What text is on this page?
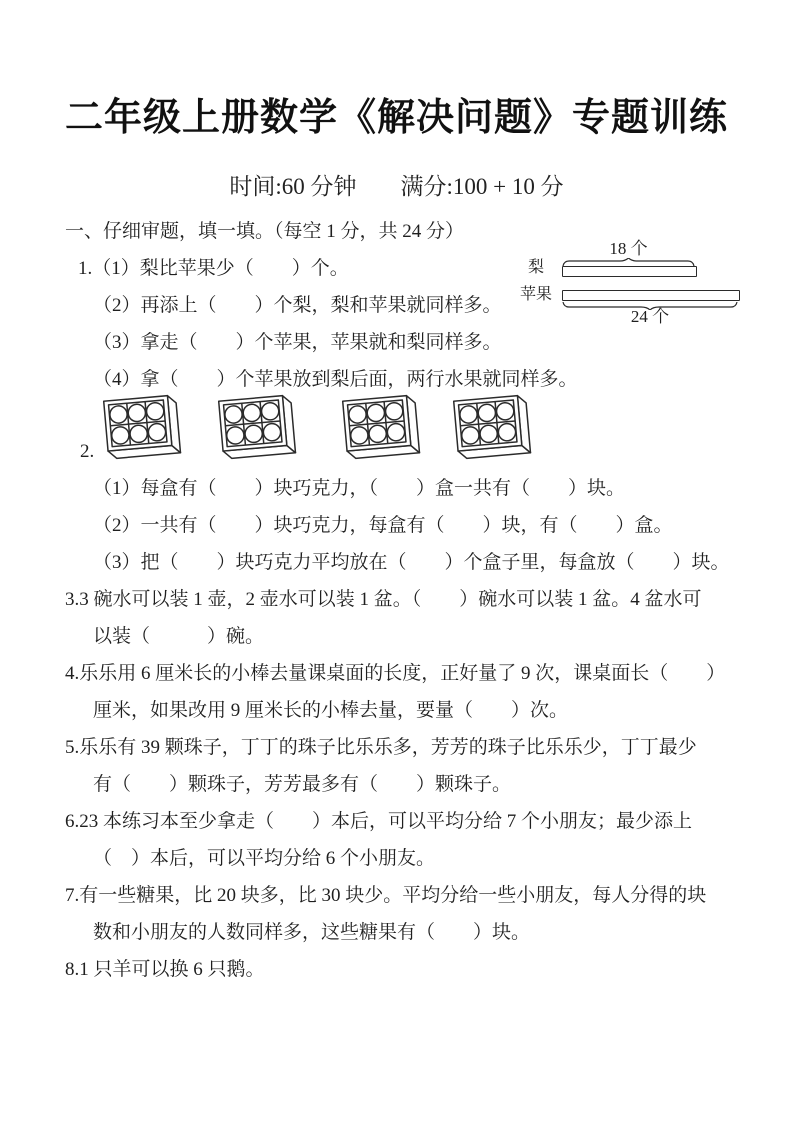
二年级上册数学《解决问题》专题训练
时间:60 分钟 满分:100 + 10 分
18 个
梨
苹果
24 个

一、仔细审题，填一填。（每空 1 分，共 24 分）

1.（1）梨比苹果少（　　）个。

（2）再添上（　　）个梨，梨和苹果就同样多。

（3）拿走（　　）个苹果，苹果就和梨同样多。

（4）拿（　　）个苹果放到梨后面，两行水果就同样多。

2.

（1）每盒有（　　）块巧克力，（　　）盒一共有（　　）块。

（2）一共有（　　）块巧克力，每盒有（　　）块，有（　　）盒。

（3）把（　　）块巧克力平均放在（　　）个盒子里，每盒放（　　）块。

3.3 碗水可以装 1 壶，2 壶水可以装 1 盆。（　　）碗水可以装 1 盆。4 盆水可

以装（　　　）碗。

4.乐乐用 6 厘米长的小棒去量课桌面的长度，正好量了 9 次，课桌面长（　　）

厘米，如果改用 9 厘米长的小棒去量，要量（　　）次。

5.乐乐有 39 颗珠子，丁丁的珠子比乐乐多，芳芳的珠子比乐乐少，丁丁最少

有（　　）颗珠子，芳芳最多有（　　）颗珠子。

6.23 本练习本至少拿走（　　）本后，可以平均分给 7 个小朋友；最少添上

（　）本后，可以平均分给 6 个小朋友。

7.有一些糖果，比 20 块多，比 30 块少。平均分给一些小朋友，每人分得的块

数和小朋友的人数同样多，这些糖果有（　　）块。

8.1 只羊可以换 6 只鹅。
